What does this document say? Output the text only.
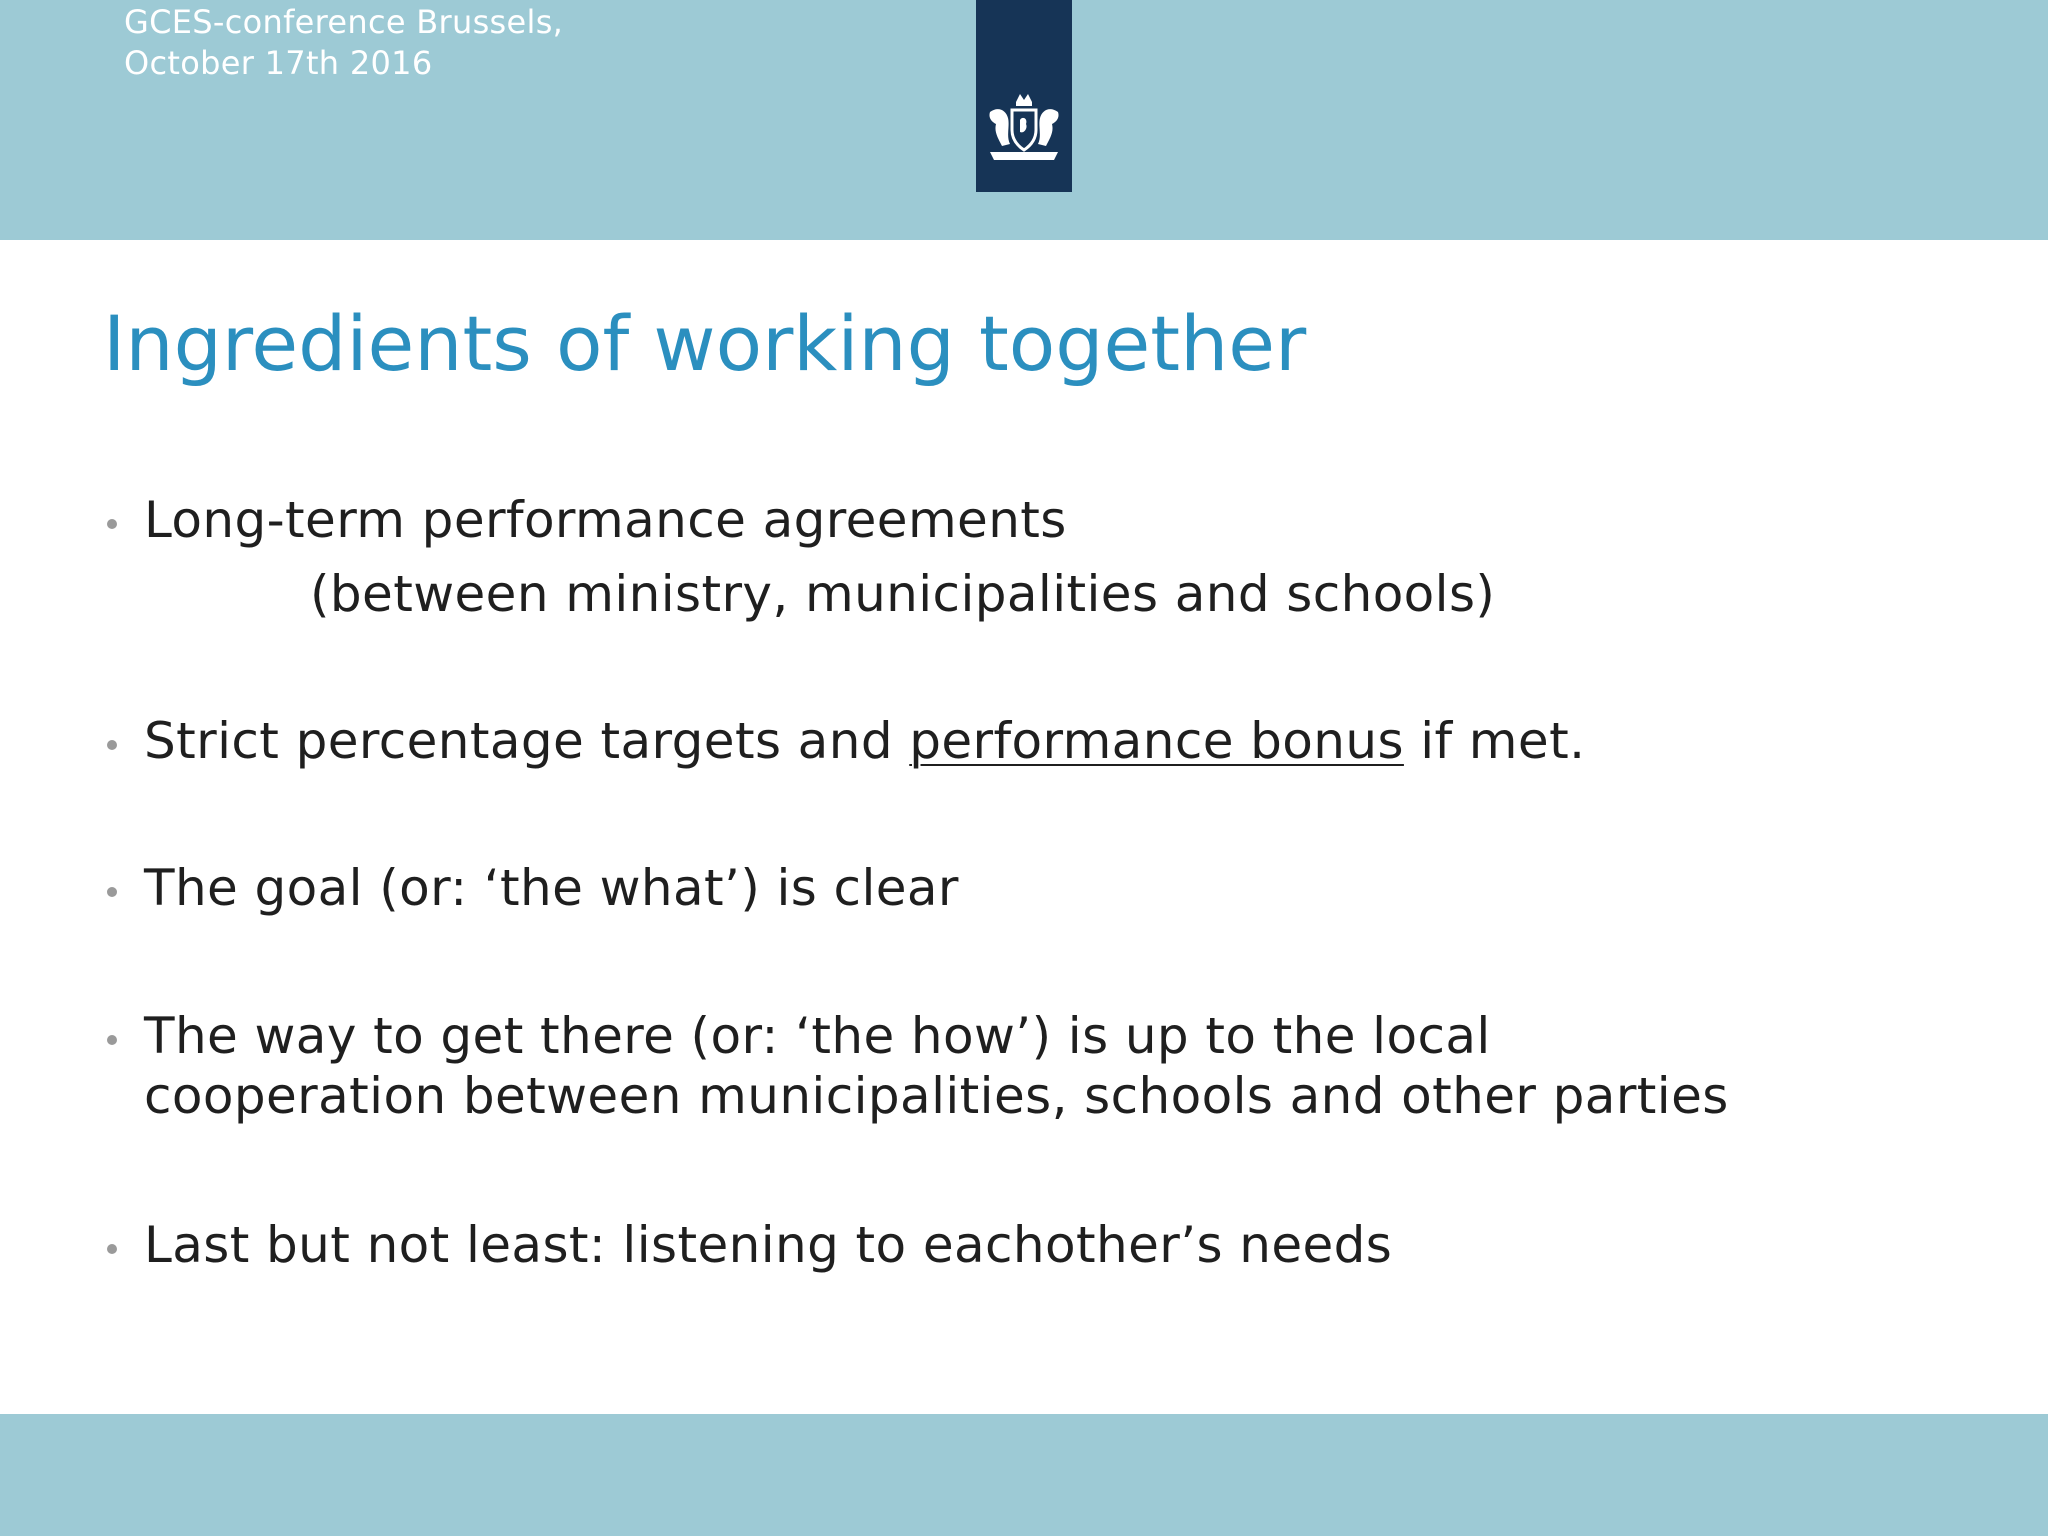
GCES-conference Brussels,
October 17th 2016
Ingredients of working together
Long-term performance agreements
(between ministry, municipalities and schools)
Strict percentage targets and performance bonus if met.
The goal (or: ‘the what’) is clear
The way to get there (or: ‘the how’) is up to the local
cooperation between municipalities, schools and other parties
Last but not least: listening to eachother’s needs
